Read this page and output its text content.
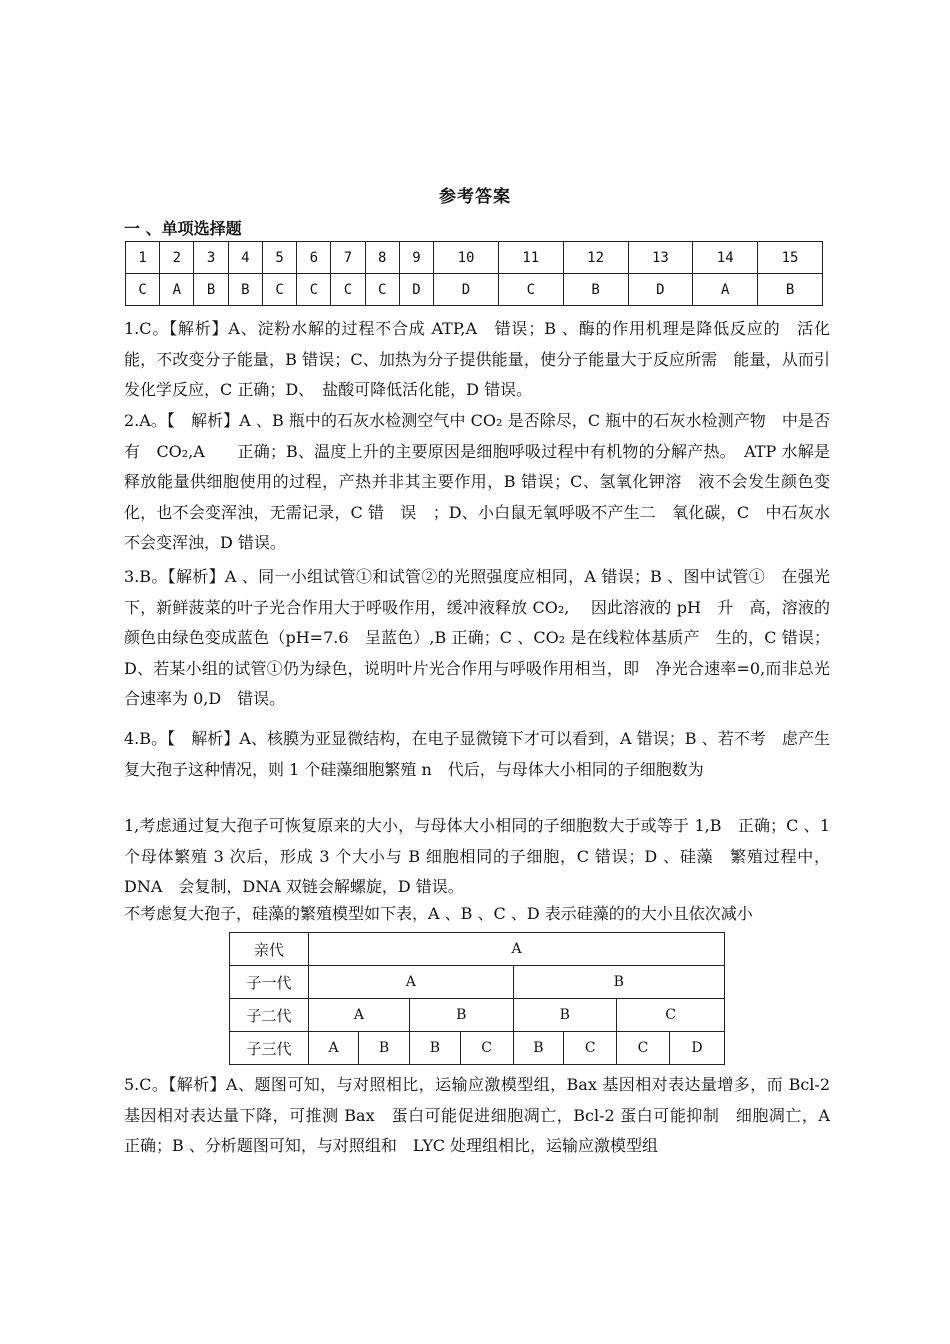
参考答案
一 、单项选择题
1	2	3	4	5	6	7	8	9	10	11	12	13	14	15
C	A	B	B	C	C	C	C	D	D	C	B	D	A	B

1.C。【解析】A、淀粉水解的过程不合成 ATP,A　错误；B 、酶的作用机理是降低反应的　活化能，不改变分子能量，B 错误；C、加热为分子提供能量，使分子能量大于反应所需　能量，从而引发化学反应，C 正确；D、　盐酸可降低活化能，D 错误。

2.A。【　解析】A 、B 瓶中的石灰水检测空气中 CO₂ 是否除尽，C 瓶中的石灰水检测产物　中是否有　CO₂,A　　正确；B、温度上升的主要原因是细胞呼吸过程中有机物的分解产热。　ATP 水解是释放能量供细胞使用的过程，产热并非其主要作用，B 错误；C、氢氧化钾溶　液不会发生颜色变化，也不会变浑浊，无需记录，C 错　误　；D、小白鼠无氧呼吸不产生二　氧化碳，C　中石灰水不会变浑浊，D 错误。

3.B。【解析】A 、同一小组试管①和试管②的光照强度应相同，A 错误；B 、图中试管①　在强光下，新鲜菠菜的叶子光合作用大于呼吸作用，缓冲液释放 CO₂,　 因此溶液的 pH　升　高，溶液的颜色由绿色变成蓝色（pH=7.6　呈蓝色）,B 正确；C 、CO₂ 是在线粒体基质产　生的，C 错误；D、若某小组的试管①仍为绿色，说明叶片光合作用与呼吸作用相当，即　净光合速率=0,而非总光合速率为 0,D　错误。

4.B。【　解析】A、核膜为亚显微结构，在电子显微镜下才可以看到，A 错误；B 、若不考　虑产生复大孢子这种情况，则 1 个硅藻细胞繁殖 n　代后，与母体大小相同的子细胞数为

1,考虑通过复大孢子可恢复原来的大小，与母体大小相同的子细胞数大于或等于 1,B　正确；C 、1 个母体繁殖 3 次后，形成 3 个大小与 B 细胞相同的子细胞，C 错误；D 、硅藻　繁殖过程中，DNA　会复制，DNA 双链会解螺旋，D 错误。

不考虑复大孢子，硅藻的繁殖模型如下表，A 、B 、C 、D 表示硅藻的的大小且依次减小

亲代	A							
子一代	A				B			
子二代	A		B		B		C	
子三代	A	B	B	C	B	C	C	D

5.C。【解析】A、题图可知，与对照相比，运输应激模型组，Bax 基因相对表达量增多，而 Bcl-2 基因相对表达量下降，可推测 Bax　蛋白可能促进细胞凋亡，Bcl-2 蛋白可能抑制　细胞凋亡，A　正确；B 、分析题图可知，与对照组和　LYC 处理组相比，运输应激模型组
